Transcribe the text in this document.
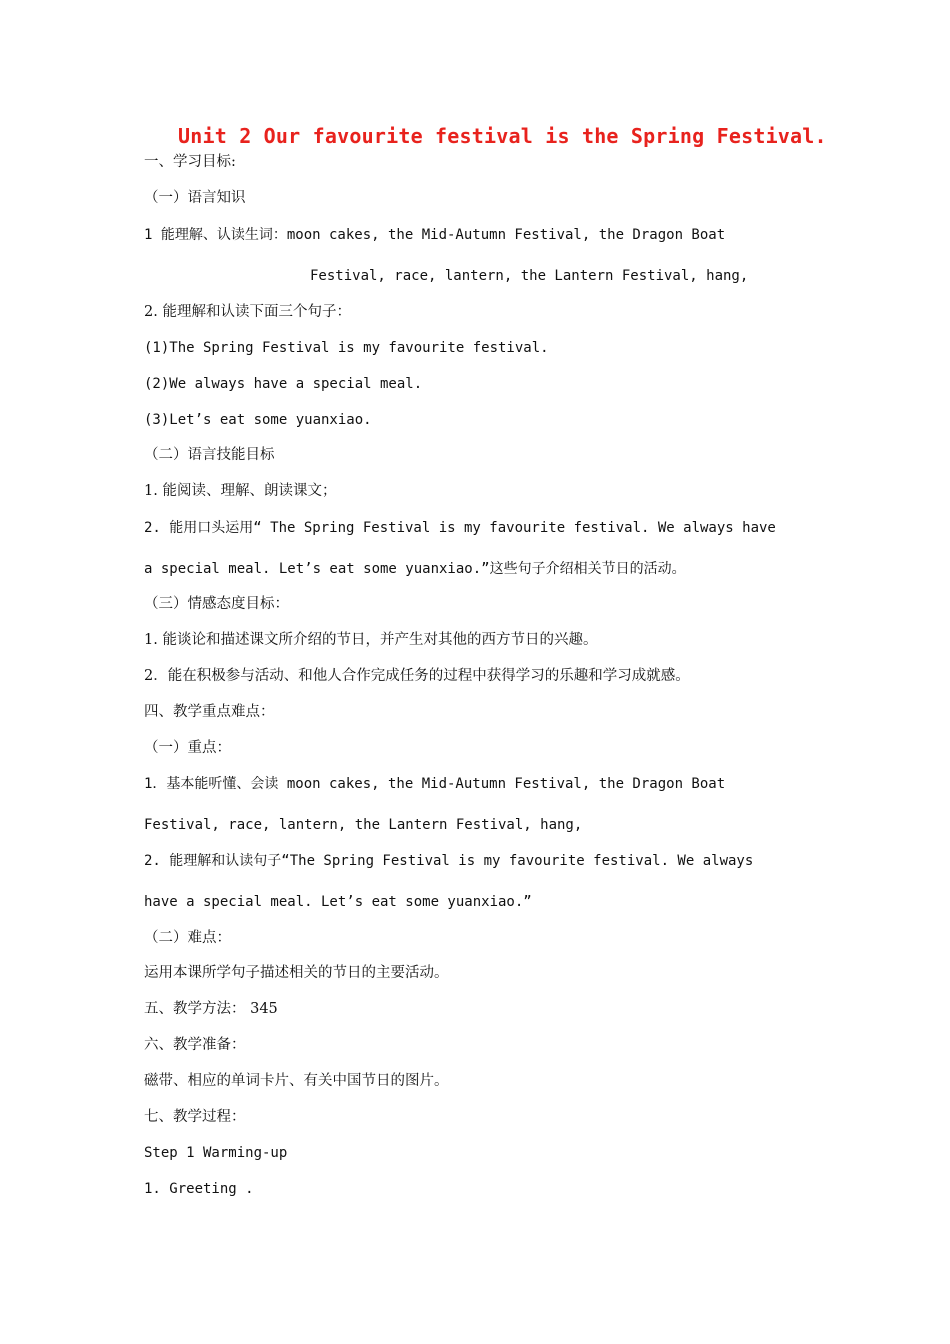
Unit 2 Our favourite festival is the Spring Festival.
一、学习目标:
（一）语言知识
1 能理解、认读生词：moon cakes, the Mid-Autumn Festival, the Dragon Boat
Festival, race, lantern, the Lantern Festival, hang,
2. 能理解和认读下面三个句子：
(1)The Spring Festival is my favourite festival.
(2)We always have a special meal.
(3)Let’s eat some yuanxiao.
（二）语言技能目标
1. 能阅读、理解、朗读课文；
2. 能用口头运用“ The Spring Festival is my favourite festival. We always have
a special meal. Let’s eat some yuanxiao.”这些句子介绍相关节日的活动。
（三）情感态度目标：
1. 能谈论和描述课文所介绍的节日，并产生对其他的西方节日的兴趣。
2．能在积极参与活动、和他人合作完成任务的过程中获得学习的乐趣和学习成就感。
四、教学重点难点：
（一）重点：
1．基本能听懂、会读 moon cakes, the Mid-Autumn Festival, the Dragon Boat
Festival, race, lantern, the Lantern Festival, hang,
2. 能理解和认读句子“The Spring Festival is my favourite festival. We always
have a special meal. Let’s eat some yuanxiao.”
（二）难点：
运用本课所学句子描述相关的节日的主要活动。
五、教学方法： 345
六、教学准备：
磁带、相应的单词卡片、有关中国节日的图片。
七、教学过程：
Step 1 Warming-up
1. Greeting .
